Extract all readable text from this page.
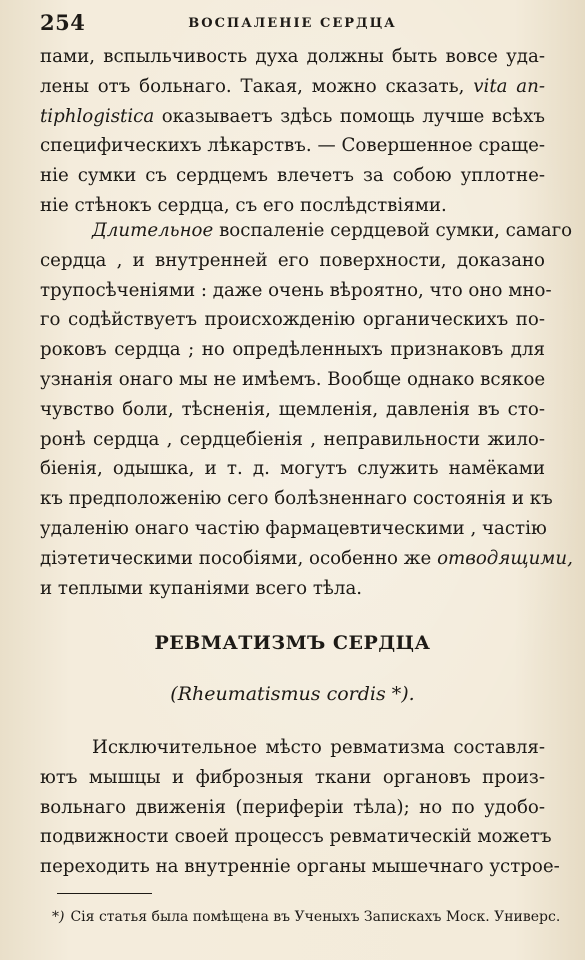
254	ВОСПАЛЕНІЕ СЕРДЦА

пами, вспыльчивость духа должны быть вовсе уда-
лены отъ больнаго. Такая, можно сказать, vita an-
tiphlogistica оказываетъ здѣсь помощь лучше всѣхъ
специфическихъ лѣкарствъ. — Совершенное сраще-
ніе сумки съ сердцемъ влечетъ за собою уплотне-
ніе стѣнокъ сердца, съ его послѣдствіями.

Длительное воспаленіе сердцевой сумки, самаго
сердца , и внутренней его поверхности, доказано
трупосѣченіями : даже очень вѣроятно, что оно мно-
го содѣйствуетъ происхожденію органическихъ по-
роковъ сердца ; но опредѣленныхъ признаковъ для
узнанія онаго мы не имѣемъ. Вообще однако всякое
чувство боли, тѣсненія, щемленія, давленія въ сто-
ронѣ сердца , сердцебіенія , неправильности жило-
біенія, одышка, и т. д. могутъ служить намёками
къ предположенію сего болѣзненнаго состоянія и къ
удаленію онаго частію фармацевтическими , частію
діэтетическими пособіями, особенно же отводящими,
и теплыми купаніями всего тѣла.

РЕВМАТИЗМЪ СЕРДЦА
(Rheumatismus cordis *).

Исключительное мѣсто ревматизма составля-
ютъ мышцы и фиброзныя ткани органовъ произ-
вольнаго движенія (периферіи тѣла); но по удобо-
подвижности своей процессъ ревматическій можетъ
переходить на внутренніе органы мышечнаго устрое-

*) Сія статья была помѣщена въ Ученыхъ Запискахъ Моск. Универс.
